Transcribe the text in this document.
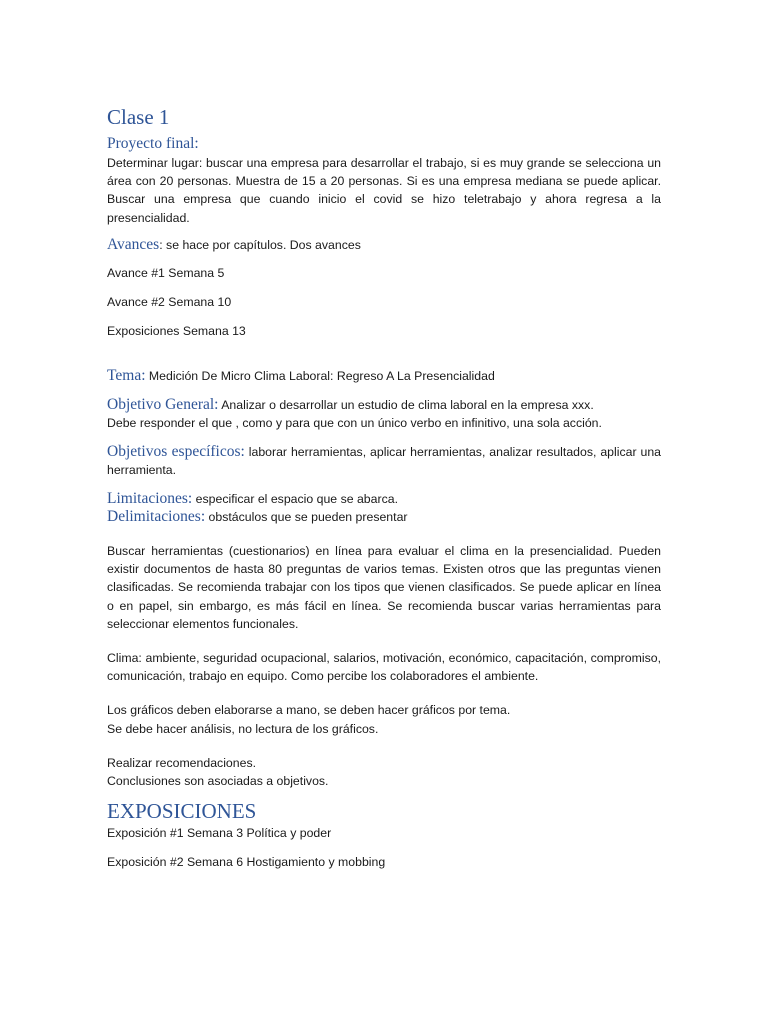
Clase 1
Proyecto final:

Determinar lugar: buscar una empresa para desarrollar el trabajo, si es muy grande se selecciona un área con 20 personas. Muestra de 15 a 20 personas. Si es una empresa mediana se puede aplicar. Buscar una empresa que cuando inicio el covid se hizo teletrabajo y ahora regresa a la presencialidad.

Avances: se hace por capítulos. Dos avances

Avance #1 Semana 5

Avance #2 Semana 10

Exposiciones Semana 13

Tema: Medición De Micro Clima Laboral: Regreso A La Presencialidad

Objetivo General: Analizar o desarrollar un estudio de clima laboral en la empresa xxx.

Debe responder el que , como y para que con un único verbo en infinitivo, una sola acción.

Objetivos específicos: laborar herramientas, aplicar herramientas, analizar resultados, aplicar una herramienta.

Limitaciones: especificar el espacio que se abarca.

Delimitaciones: obstáculos que se pueden presentar

Buscar herramientas (cuestionarios) en línea para evaluar el clima en la presencialidad. Pueden existir documentos de hasta 80 preguntas de varios temas. Existen otros que las preguntas vienen clasificadas. Se recomienda trabajar con los tipos que vienen clasificados. Se puede aplicar en línea o en papel, sin embargo, es más fácil en línea. Se recomienda buscar varias herramientas para seleccionar elementos funcionales.

Clima: ambiente, seguridad ocupacional, salarios, motivación, económico, capacitación, compromiso, comunicación, trabajo en equipo. Como percibe los colaboradores el ambiente.

Los gráficos deben elaborarse a mano, se deben hacer gráficos por tema.

Se debe hacer análisis, no lectura de los gráficos.

Realizar recomendaciones.

Conclusiones son asociadas a objetivos.

EXPOSICIONES

Exposición #1 Semana 3 Política y poder

Exposición #2 Semana 6 Hostigamiento y mobbing
